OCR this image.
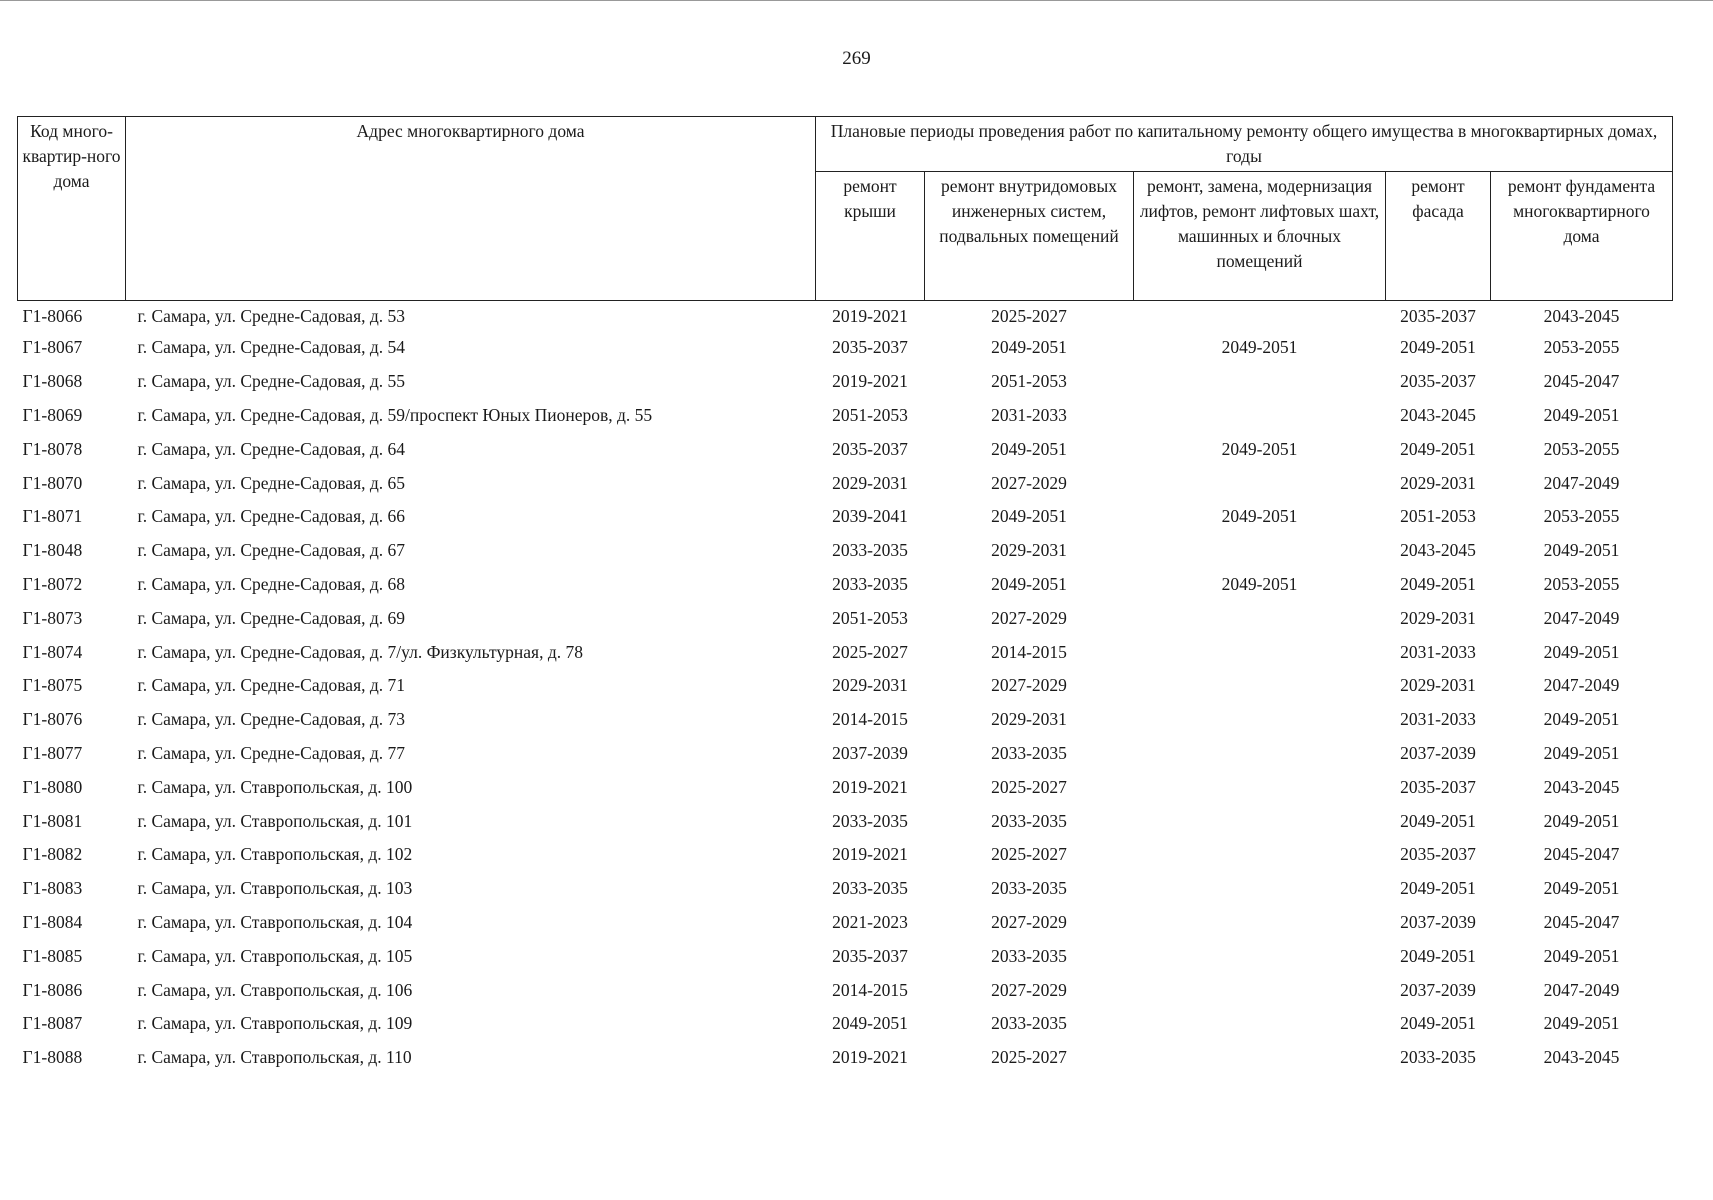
269
Код много-квартир-ного дома	Адрес многоквартирного дома	Плановые периоды проведения работ по капитальному ремонту общего имущества в многоквартирных домах, годы				
		ремонт крыши	ремонт внутридомовых инженерных систем, подвальных помещений	ремонт, замена, модернизация лифтов, ремонт лифтовых шахт, машинных и блочных помещений	ремонт фасада	ремонт фундамента многоквартирного дома
Г1-8066	г. Самара, ул. Средне-Садовая, д. 53	2019-2021	2025-2027		2035-2037	2043-2045
Г1-8067	г. Самара, ул. Средне-Садовая, д. 54	2035-2037	2049-2051	2049-2051	2049-2051	2053-2055
Г1-8068	г. Самара, ул. Средне-Садовая, д. 55	2019-2021	2051-2053		2035-2037	2045-2047
Г1-8069	г. Самара, ул. Средне-Садовая, д. 59/проспект Юных Пионеров, д. 55	2051-2053	2031-2033		2043-2045	2049-2051
Г1-8078	г. Самара, ул. Средне-Садовая, д. 64	2035-2037	2049-2051	2049-2051	2049-2051	2053-2055
Г1-8070	г. Самара, ул. Средне-Садовая, д. 65	2029-2031	2027-2029		2029-2031	2047-2049
Г1-8071	г. Самара, ул. Средне-Садовая, д. 66	2039-2041	2049-2051	2049-2051	2051-2053	2053-2055
Г1-8048	г. Самара, ул. Средне-Садовая, д. 67	2033-2035	2029-2031		2043-2045	2049-2051
Г1-8072	г. Самара, ул. Средне-Садовая, д. 68	2033-2035	2049-2051	2049-2051	2049-2051	2053-2055
Г1-8073	г. Самара, ул. Средне-Садовая, д. 69	2051-2053	2027-2029		2029-2031	2047-2049
Г1-8074	г. Самара, ул. Средне-Садовая, д. 7/ул. Физкультурная, д. 78	2025-2027	2014-2015		2031-2033	2049-2051
Г1-8075	г. Самара, ул. Средне-Садовая, д. 71	2029-2031	2027-2029		2029-2031	2047-2049
Г1-8076	г. Самара, ул. Средне-Садовая, д. 73	2014-2015	2029-2031		2031-2033	2049-2051
Г1-8077	г. Самара, ул. Средне-Садовая, д. 77	2037-2039	2033-2035		2037-2039	2049-2051
Г1-8080	г. Самара, ул. Ставропольская, д. 100	2019-2021	2025-2027		2035-2037	2043-2045
Г1-8081	г. Самара, ул. Ставропольская, д. 101	2033-2035	2033-2035		2049-2051	2049-2051
Г1-8082	г. Самара, ул. Ставропольская, д. 102	2019-2021	2025-2027		2035-2037	2045-2047
Г1-8083	г. Самара, ул. Ставропольская, д. 103	2033-2035	2033-2035		2049-2051	2049-2051
Г1-8084	г. Самара, ул. Ставропольская, д. 104	2021-2023	2027-2029		2037-2039	2045-2047
Г1-8085	г. Самара, ул. Ставропольская, д. 105	2035-2037	2033-2035		2049-2051	2049-2051
Г1-8086	г. Самара, ул. Ставропольская, д. 106	2014-2015	2027-2029		2037-2039	2047-2049
Г1-8087	г. Самара, ул. Ставропольская, д. 109	2049-2051	2033-2035		2049-2051	2049-2051
Г1-8088	г. Самара, ул. Ставропольская, д. 110	2019-2021	2025-2027		2033-2035	2043-2045
